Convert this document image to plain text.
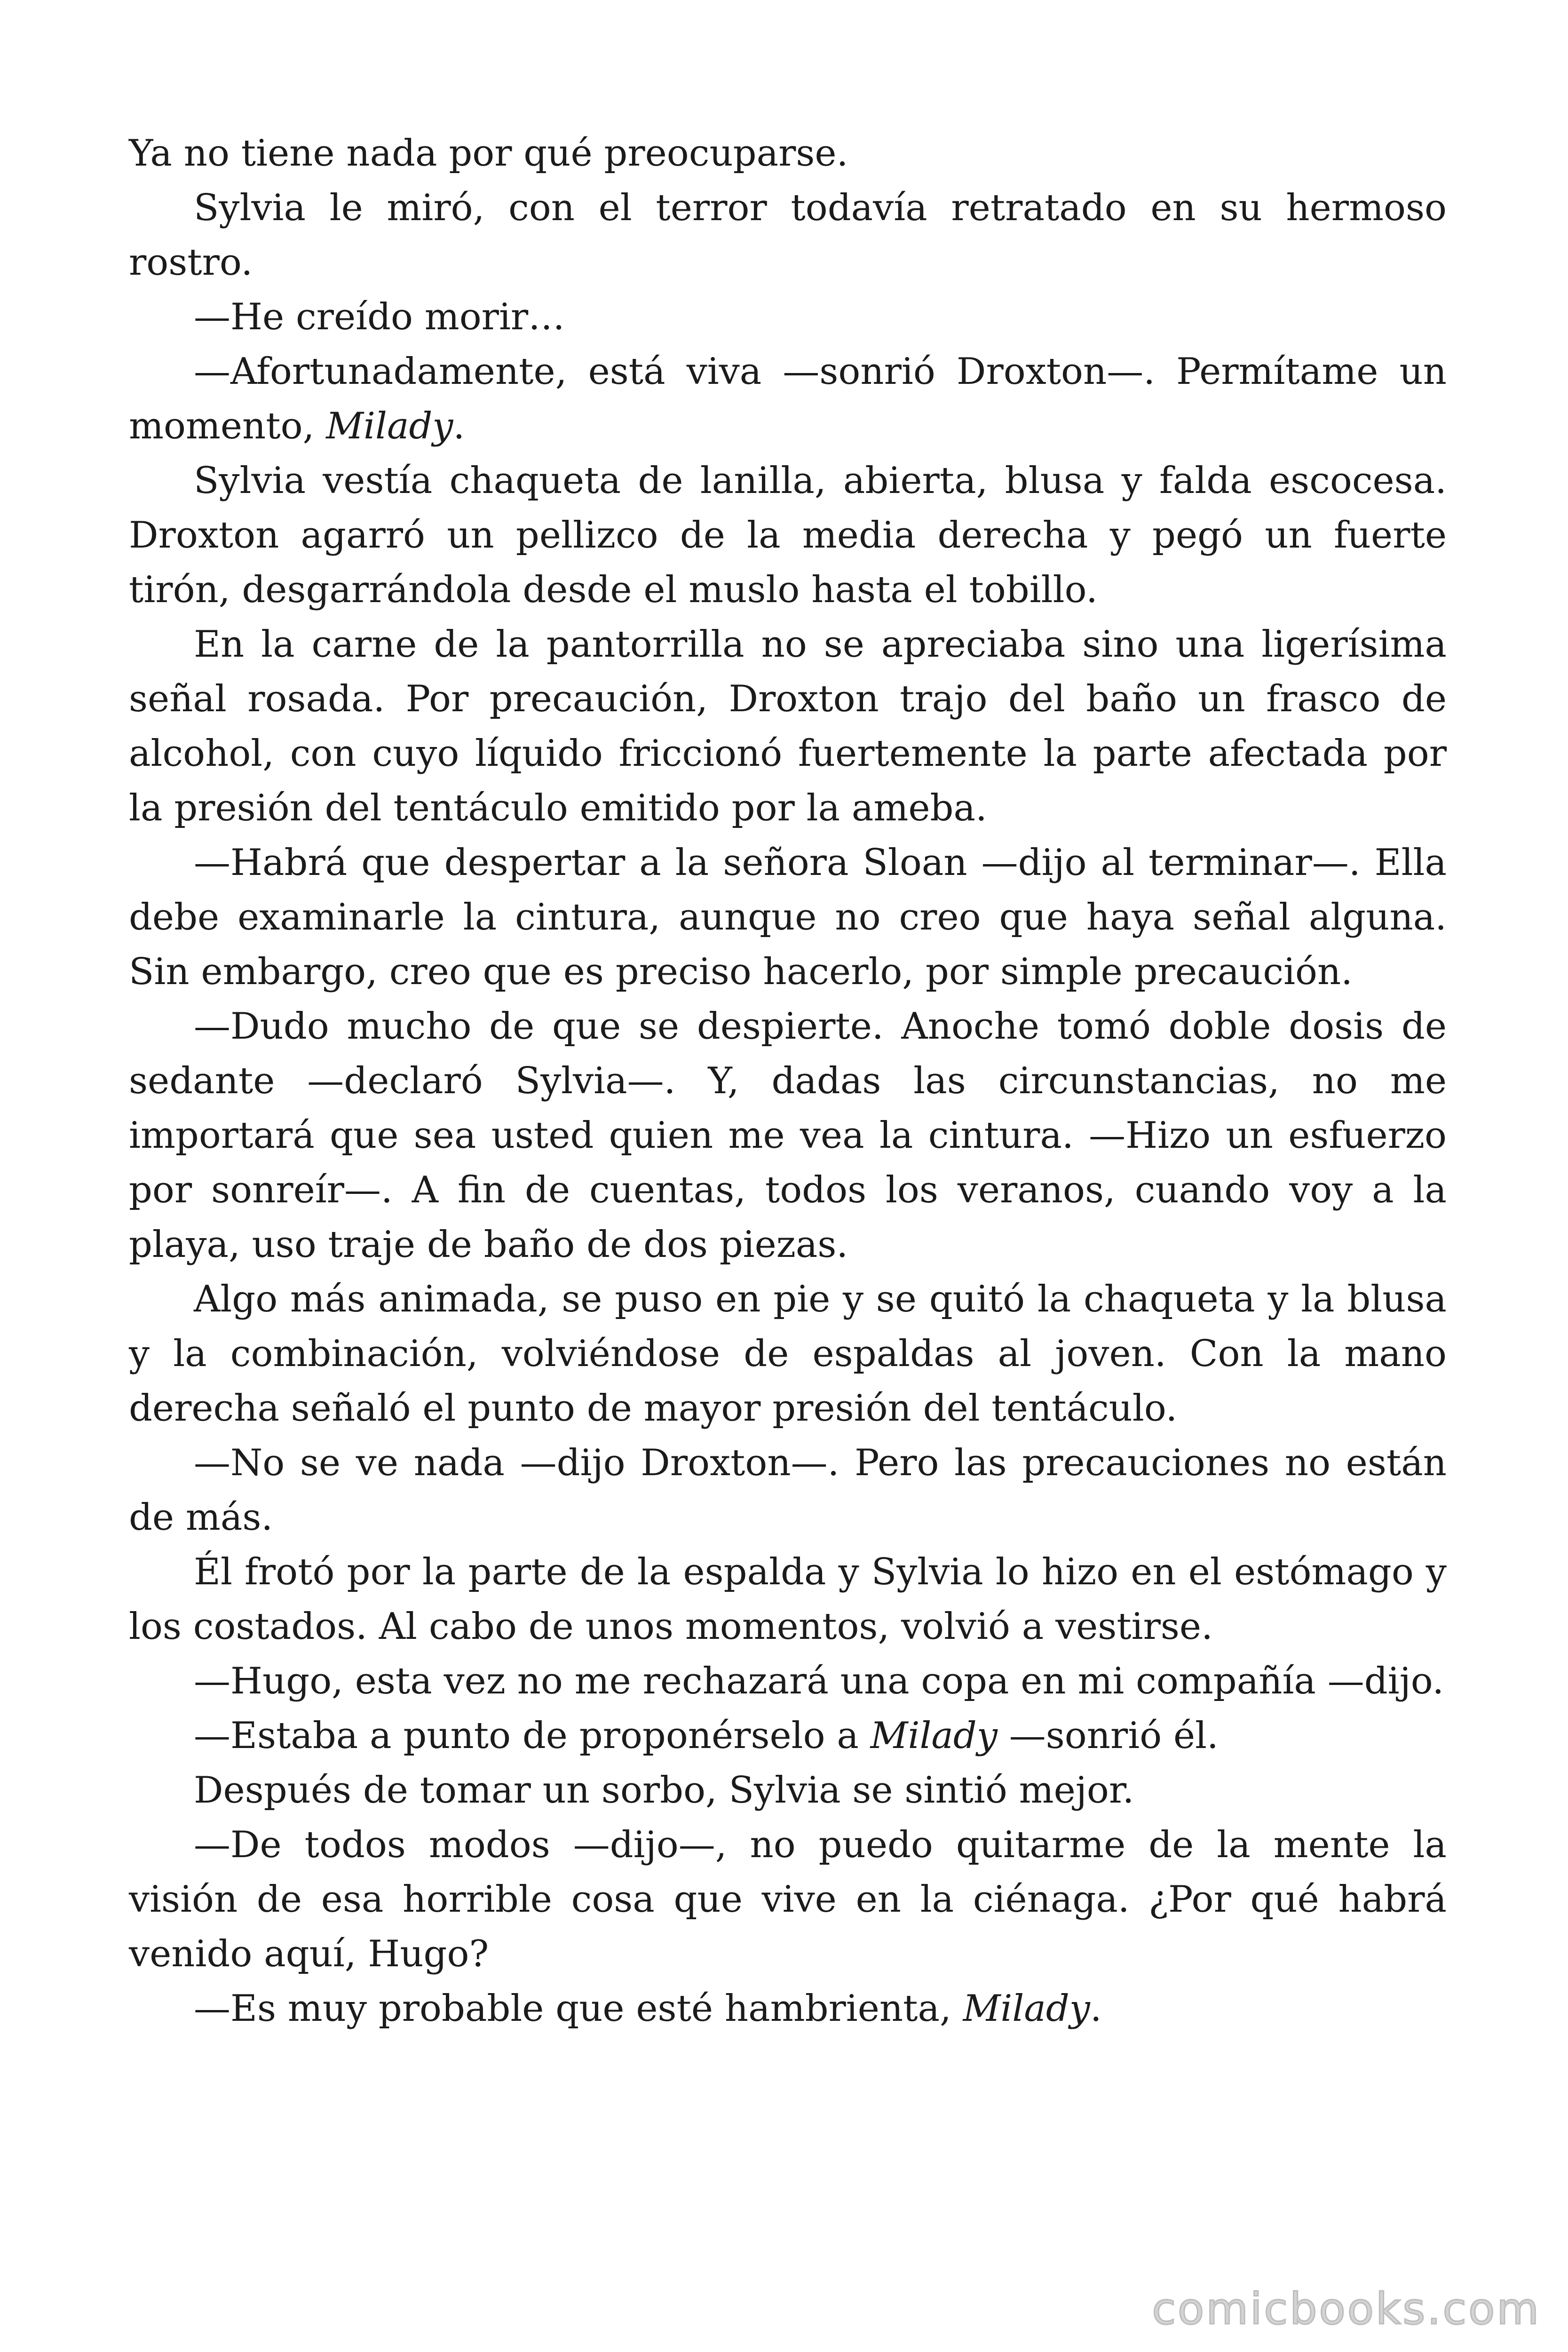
Ya no tiene nada por qué preocuparse.

Sylvia le miró, con el terror todavía retratado en su hermoso rostro.

—He creído morir…

—Afortunadamente, está viva —sonrió Droxton—. Permítame un momento, Milady.

Sylvia vestía chaqueta de lanilla, abierta, blusa y falda escocesa. Droxton agarró un pellizco de la media derecha y pegó un fuerte tirón, desgarrándola desde el muslo hasta el tobillo.

En la carne de la pantorrilla no se apreciaba sino una ligerísima señal rosada. Por precaución, Droxton trajo del baño un frasco de alcohol, con cuyo líquido friccionó fuertemente la parte afectada por la presión del tentáculo emitido por la ameba.

—Habrá que despertar a la señora Sloan —dijo al terminar—. Ella debe examinarle la cintura, aunque no creo que haya señal alguna. Sin embargo, creo que es preciso hacerlo, por simple precaución.

—Dudo mucho de que se despierte. Anoche tomó doble dosis de sedante —declaró Sylvia—. Y, dadas las circunstancias, no me importará que sea usted quien me vea la cintura. —Hizo un esfuerzo por sonreír—. A fin de cuentas, todos los veranos, cuando voy a la playa, uso traje de baño de dos piezas.

Algo más animada, se puso en pie y se quitó la chaqueta y la blusa y la combinación, volviéndose de espaldas al joven. Con la mano derecha señaló el punto de mayor presión del tentáculo.

—No se ve nada —dijo Droxton—. Pero las precauciones no están de más.

Él frotó por la parte de la espalda y Sylvia lo hizo en el estómago y los costados. Al cabo de unos momentos, volvió a vestirse.

—Hugo, esta vez no me rechazará una copa en mi compañía —dijo.

—Estaba a punto de proponérselo a Milady —sonrió él.

Después de tomar un sorbo, Sylvia se sintió mejor.

—De todos modos —dijo—, no puedo quitarme de la mente la visión de esa horrible cosa que vive en la ciénaga. ¿Por qué habrá venido aquí, Hugo?

—Es muy probable que esté hambrienta, Milady.

comicbooks.com
